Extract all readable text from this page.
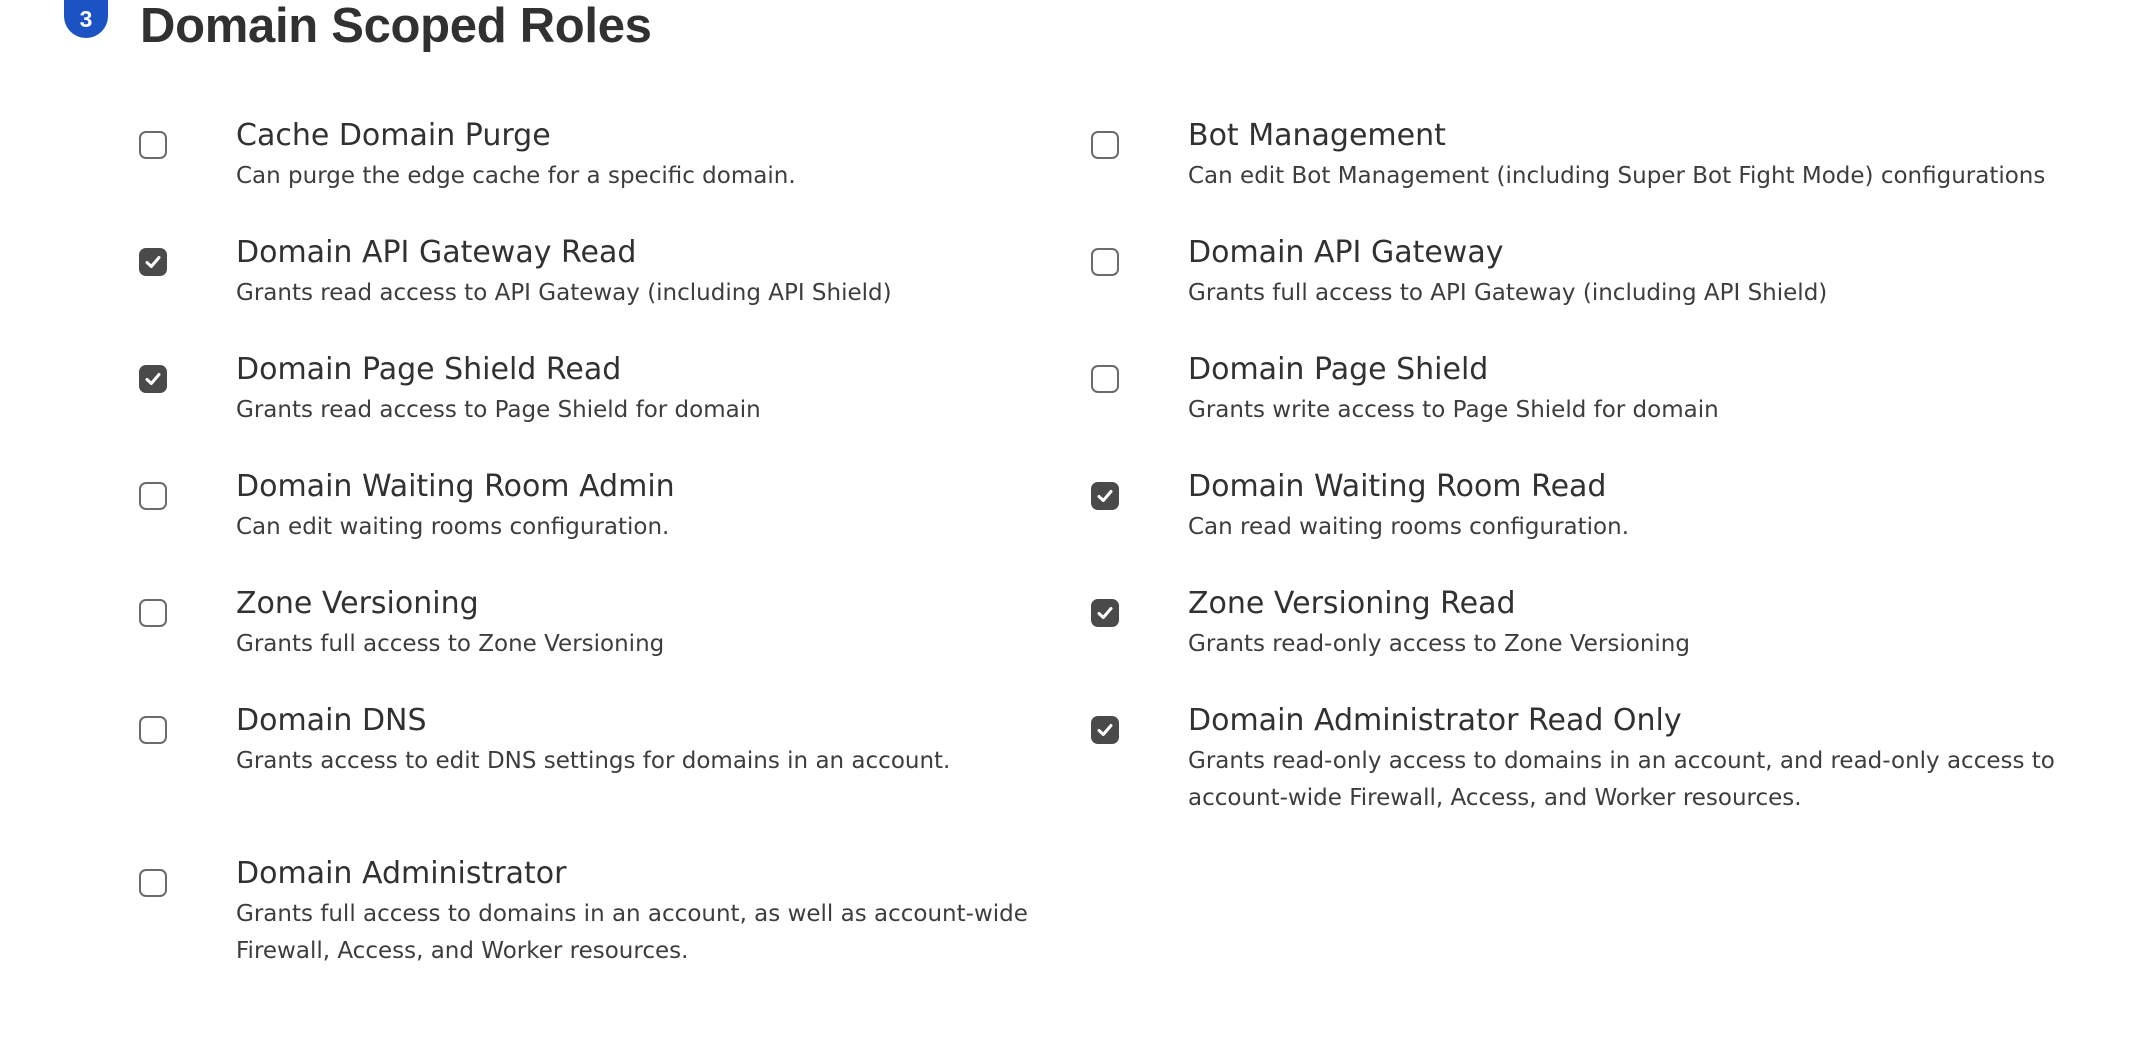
3 Domain Scoped Roles
Cache Domain Purge
Can purge the edge cache for a specific domain.
Bot Management
Can edit Bot Management (including Super Bot Fight Mode) configurations
Domain API Gateway Read
Grants read access to API Gateway (including API Shield)
Domain API Gateway
Grants full access to API Gateway (including API Shield)
Domain Page Shield Read
Grants read access to Page Shield for domain
Domain Page Shield
Grants write access to Page Shield for domain
Domain Waiting Room Admin
Can edit waiting rooms configuration.
Domain Waiting Room Read
Can read waiting rooms configuration.
Zone Versioning
Grants full access to Zone Versioning
Zone Versioning Read
Grants read-only access to Zone Versioning
Domain DNS
Grants access to edit DNS settings for domains in an account.
Domain Administrator Read Only
Grants read-only access to domains in an account, and read-only access to account-wide Firewall, Access, and Worker resources.
Domain Administrator
Grants full access to domains in an account, as well as account-wide Firewall, Access, and Worker resources.
